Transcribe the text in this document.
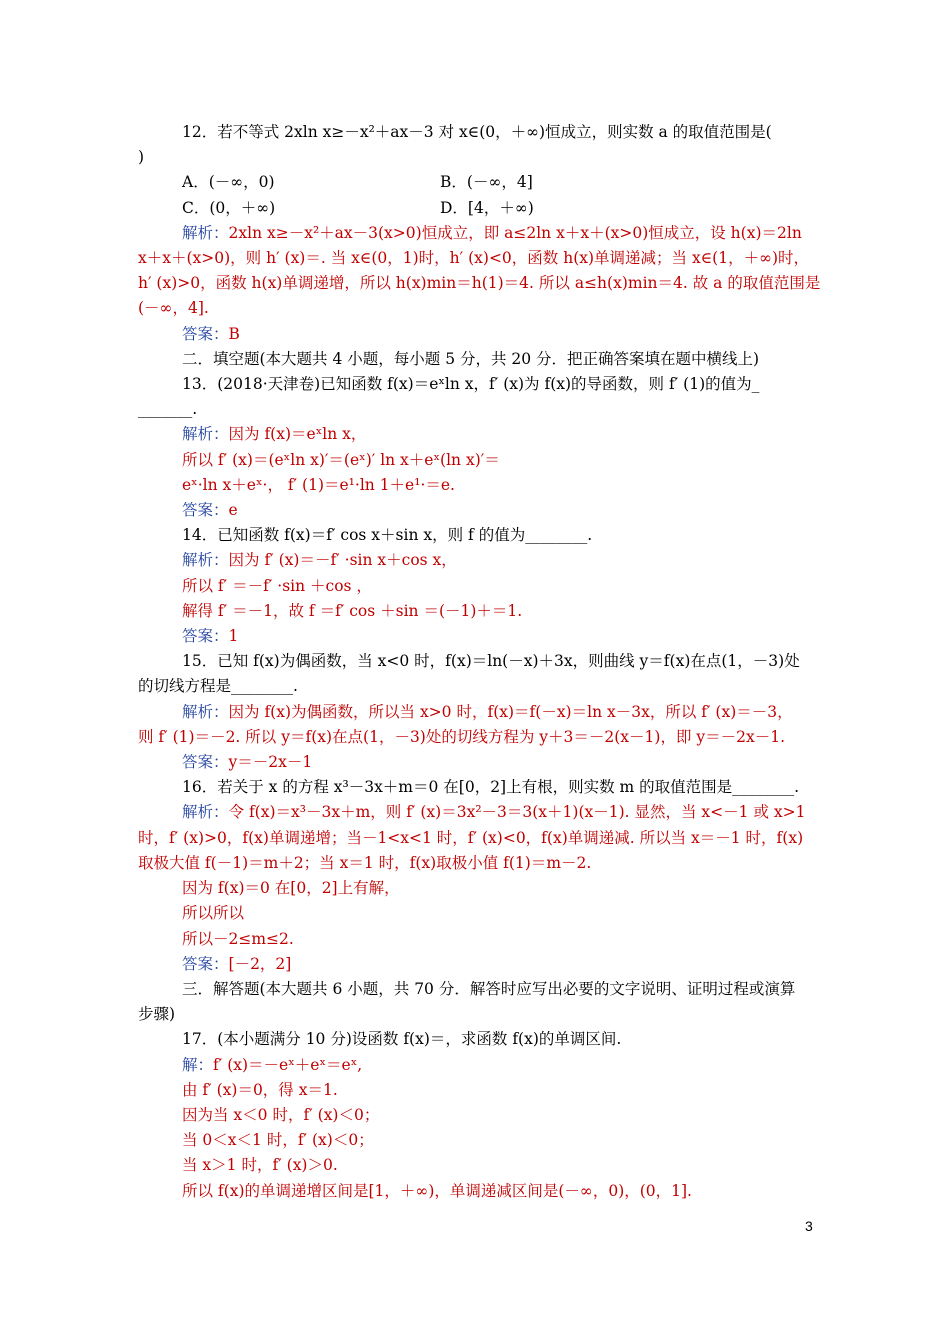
12．若不等式 2xln x≥－x²＋ax－3 对 x∈(0，＋∞)恒成立，则实数 a 的取值范围是(
)
A．(－∞，0)	B．(－∞，4]
C．(0，＋∞)	D．[4，＋∞)
解析：2xln x≥－x²＋ax－3(x>0)恒成立，即 a≤2ln x＋x＋(x>0)恒成立，设 h(x)＝2ln
x＋x＋(x>0)，则 h′ (x)＝. 当 x∈(0，1)时，h′ (x)<0，函数 h(x)单调递减；当 x∈(1，＋∞)时，
h′ (x)>0，函数 h(x)单调递增，所以 h(x)min＝h(1)＝4. 所以 a≤h(x)min＝4. 故 a 的取值范围是
(－∞，4].
答案：B
二．填空题(本大题共 4 小题，每小题 5 分，共 20 分．把正确答案填在题中横线上)
13．(2018·天津卷)已知函数 f(x)＝eˣln x，f′ (x)为 f(x)的导函数，则 f′ (1)的值为_
_______.
解析：因为 f(x)＝eˣln x，
所以 f′ (x)＝(eˣln x)′＝(eˣ)′ ln x＋eˣ(ln x)′＝
eˣ·ln x＋eˣ·， f′ (1)＝e¹·ln 1＋e¹·＝e.
答案：e
14．已知函数 f(x)＝f′ cos x＋sin x，则 f 的值为________.
解析：因为 f′ (x)＝－f′ ·sin x＋cos x，
所以 f′ ＝－f′ ·sin ＋cos ，
解得 f′ ＝－1，故 f ＝f′ cos ＋sin ＝(－1)＋＝1.
答案：1
15．已知 f(x)为偶函数，当 x<0 时，f(x)＝ln(－x)＋3x，则曲线 y＝f(x)在点(1，－3)处
的切线方程是________.
解析：因为 f(x)为偶函数，所以当 x>0 时，f(x)＝f(－x)＝ln x－3x，所以 f′ (x)＝－3，
则 f′ (1)＝－2. 所以 y＝f(x)在点(1，－3)处的切线方程为 y＋3＝－2(x－1)，即 y＝－2x－1.
答案：y＝－2x－1
16．若关于 x 的方程 x³－3x＋m＝0 在[0，2]上有根，则实数 m 的取值范围是________.
解析：令 f(x)＝x³－3x＋m，则 f′ (x)＝3x²－3＝3(x＋1)(x－1). 显然，当 x<－1 或 x>1
时，f′ (x)>0，f(x)单调递增；当－1<x<1 时，f′ (x)<0，f(x)单调递减. 所以当 x＝－1 时，f(x)
取极大值 f(－1)＝m＋2；当 x＝1 时，f(x)取极小值 f(1)＝m－2.
因为 f(x)＝0 在[0，2]上有解，
所以所以
所以－2≤m≤2.
答案：[－2，2]
三．解答题(本大题共 6 小题，共 70 分．解答时应写出必要的文字说明、证明过程或演算
步骤)
17．(本小题满分 10 分)设函数 f(x)＝，求函数 f(x)的单调区间.
解：f′ (x)＝－eˣ＋eˣ＝eˣ,
由 f′ (x)＝0，得 x＝1.
因为当 x＜0 时，f′ (x)＜0；
当 0＜x＜1 时，f′ (x)＜0；
当 x＞1 时，f′ (x)＞0.
所以 f(x)的单调递增区间是[1，＋∞)，单调递减区间是(－∞，0)，(0，1].
3
